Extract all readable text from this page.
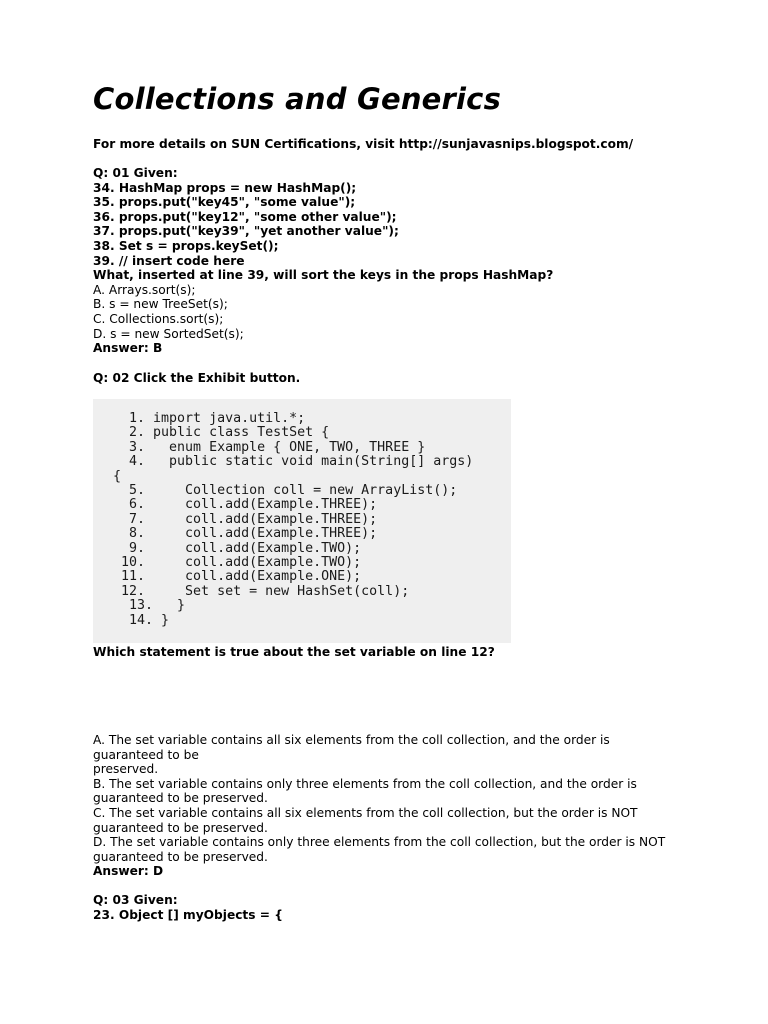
Collections and Generics
For more details on SUN Certifications, visit http://sunjavasnips.blogspot.com/
Q: 01 Given:
34. HashMap props = new HashMap();
35. props.put("key45", "some value");
36. props.put("key12", "some other value");
37. props.put("key39", "yet another value");
38. Set s = props.keySet();
39. // insert code here
What, inserted at line 39, will sort the keys in the props HashMap?
A. Arrays.sort(s);
B. s = new TreeSet(s);
C. Collections.sort(s);
D. s = new SortedSet(s);
Answer: B
Q: 02 Click the Exhibit button.
1. import java.util.*;
2. public class TestSet {
3.   enum Example { ONE, TWO, THREE }
4.   public static void main(String[] args)
{
5.     Collection coll = new ArrayList();
6.     coll.add(Example.THREE);
7.     coll.add(Example.THREE);
8.     coll.add(Example.THREE);
9.     coll.add(Example.TWO);
10.     coll.add(Example.TWO);
11.     coll.add(Example.ONE);
12.     Set set = new HashSet(coll);
13.   }
14. }
Which statement is true about the set variable on line 12?
A. The set variable contains all six elements from the coll collection, and the order is guaranteed to be
preserved.
B. The set variable contains only three elements from the coll collection, and the order is guaranteed to be preserved.
C. The set variable contains all six elements from the coll collection, but the order is NOT guaranteed to be preserved.
D. The set variable contains only three elements from the coll collection, but the order is NOT guaranteed to be preserved.
Answer: D
Q: 03 Given:
23. Object [] myObjects = {
